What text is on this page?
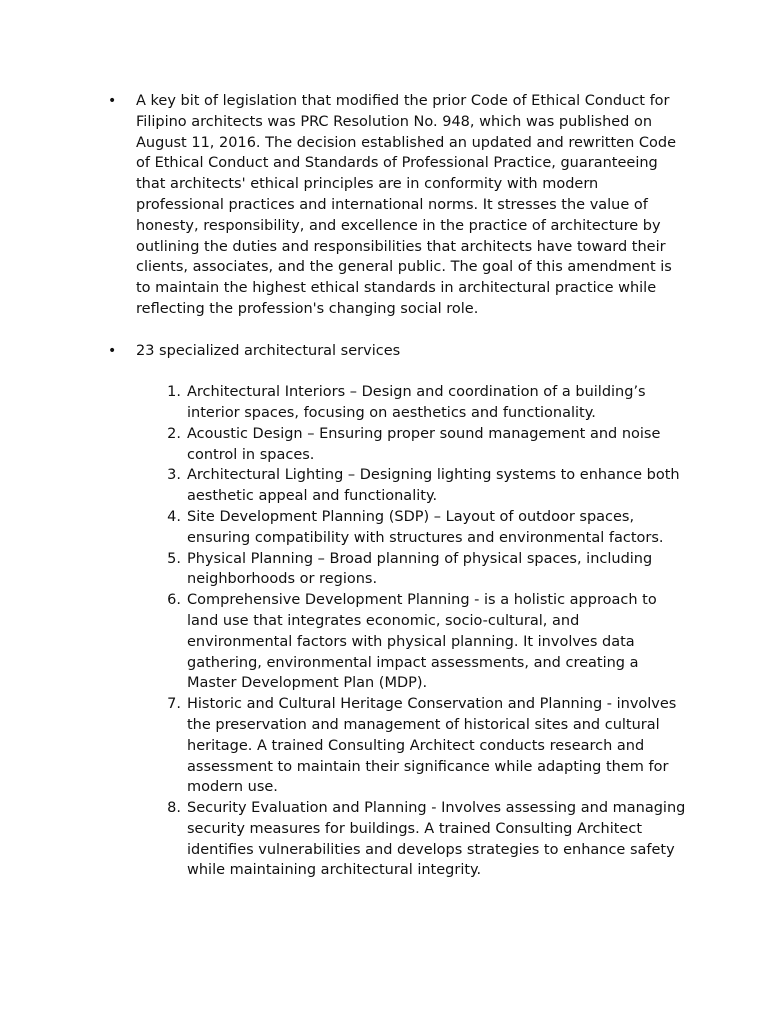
•	A key bit of legislation that modified the prior Code of Ethical Conduct for Filipino architects was PRC Resolution No. 948, which was published on August 11, 2016. The decision established an updated and rewritten Code of Ethical Conduct and Standards of Professional Practice, guaranteeing that architects' ethical principles are in conformity with modern professional practices and international norms. It stresses the value of honesty, responsibility, and excellence in the practice of architecture by outlining the duties and responsibilities that architects have toward their clients, associates, and the general public. The goal of this amendment is to maintain the highest ethical standards in architectural practice while reflecting the profession's changing social role.
•	23 specialized architectural services
1. Architectural Interiors – Design and coordination of a building’s interior spaces, focusing on aesthetics and functionality.
2. Acoustic Design – Ensuring proper sound management and noise control in spaces.
3. Architectural Lighting – Designing lighting systems to enhance both aesthetic appeal and functionality.
4. Site Development Planning (SDP) – Layout of outdoor spaces, ensuring compatibility with structures and environmental factors.
5. Physical Planning – Broad planning of physical spaces, including neighborhoods or regions.
6. Comprehensive Development Planning - is a holistic approach to land use that integrates economic, socio-cultural, and environmental factors with physical planning. It involves data gathering, environmental impact assessments, and creating a Master Development Plan (MDP).
7. Historic and Cultural Heritage Conservation and Planning - involves the preservation and management of historical sites and cultural heritage. A trained Consulting Architect conducts research and assessment to maintain their significance while adapting them for modern use.
8. Security Evaluation and Planning - Involves assessing and managing security measures for buildings. A trained Consulting Architect identifies vulnerabilities and develops strategies to enhance safety while maintaining architectural integrity.
